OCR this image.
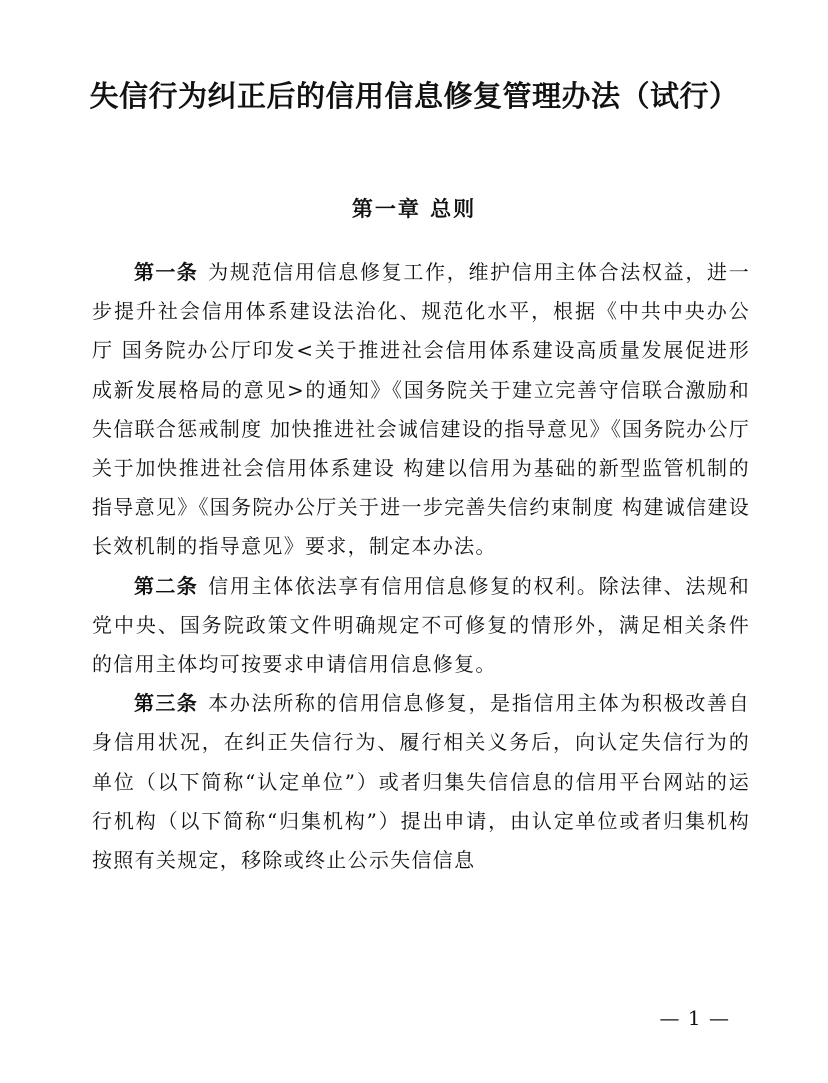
失信行为纠正后的信用信息修复管理办法（试行）
第一章 总则

第一条 为规范信用信息修复工作，维护信用主体合法权益，进一步提升社会信用体系建设法治化、规范化水平，根据《中共中央办公厅 国务院办公厅印发<关于推进社会信用体系建设高质量发展促进形成新发展格局的意见>的通知》《国务院关于建立完善守信联合激励和失信联合惩戒制度 加快推进社会诚信建设的指导意见》《国务院办公厅关于加快推进社会信用体系建设 构建以信用为基础的新型监管机制的指导意见》《国务院办公厅关于进一步完善失信约束制度 构建诚信建设长效机制的指导意见》要求，制定本办法。

第二条 信用主体依法享有信用信息修复的权利。除法律、法规和党中央、国务院政策文件明确规定不可修复的情形外，满足相关条件的信用主体均可按要求申请信用信息修复。

第三条 本办法所称的信用信息修复，是指信用主体为积极改善自身信用状况，在纠正失信行为、履行相关义务后，向认定失信行为的单位（以下简称“认定单位”）或者归集失信信息的信用平台网站的运行机构（以下简称“归集机构”）提出申请，由认定单位或者归集机构按照有关规定，移除或终止公示失信信息

— 1 —
